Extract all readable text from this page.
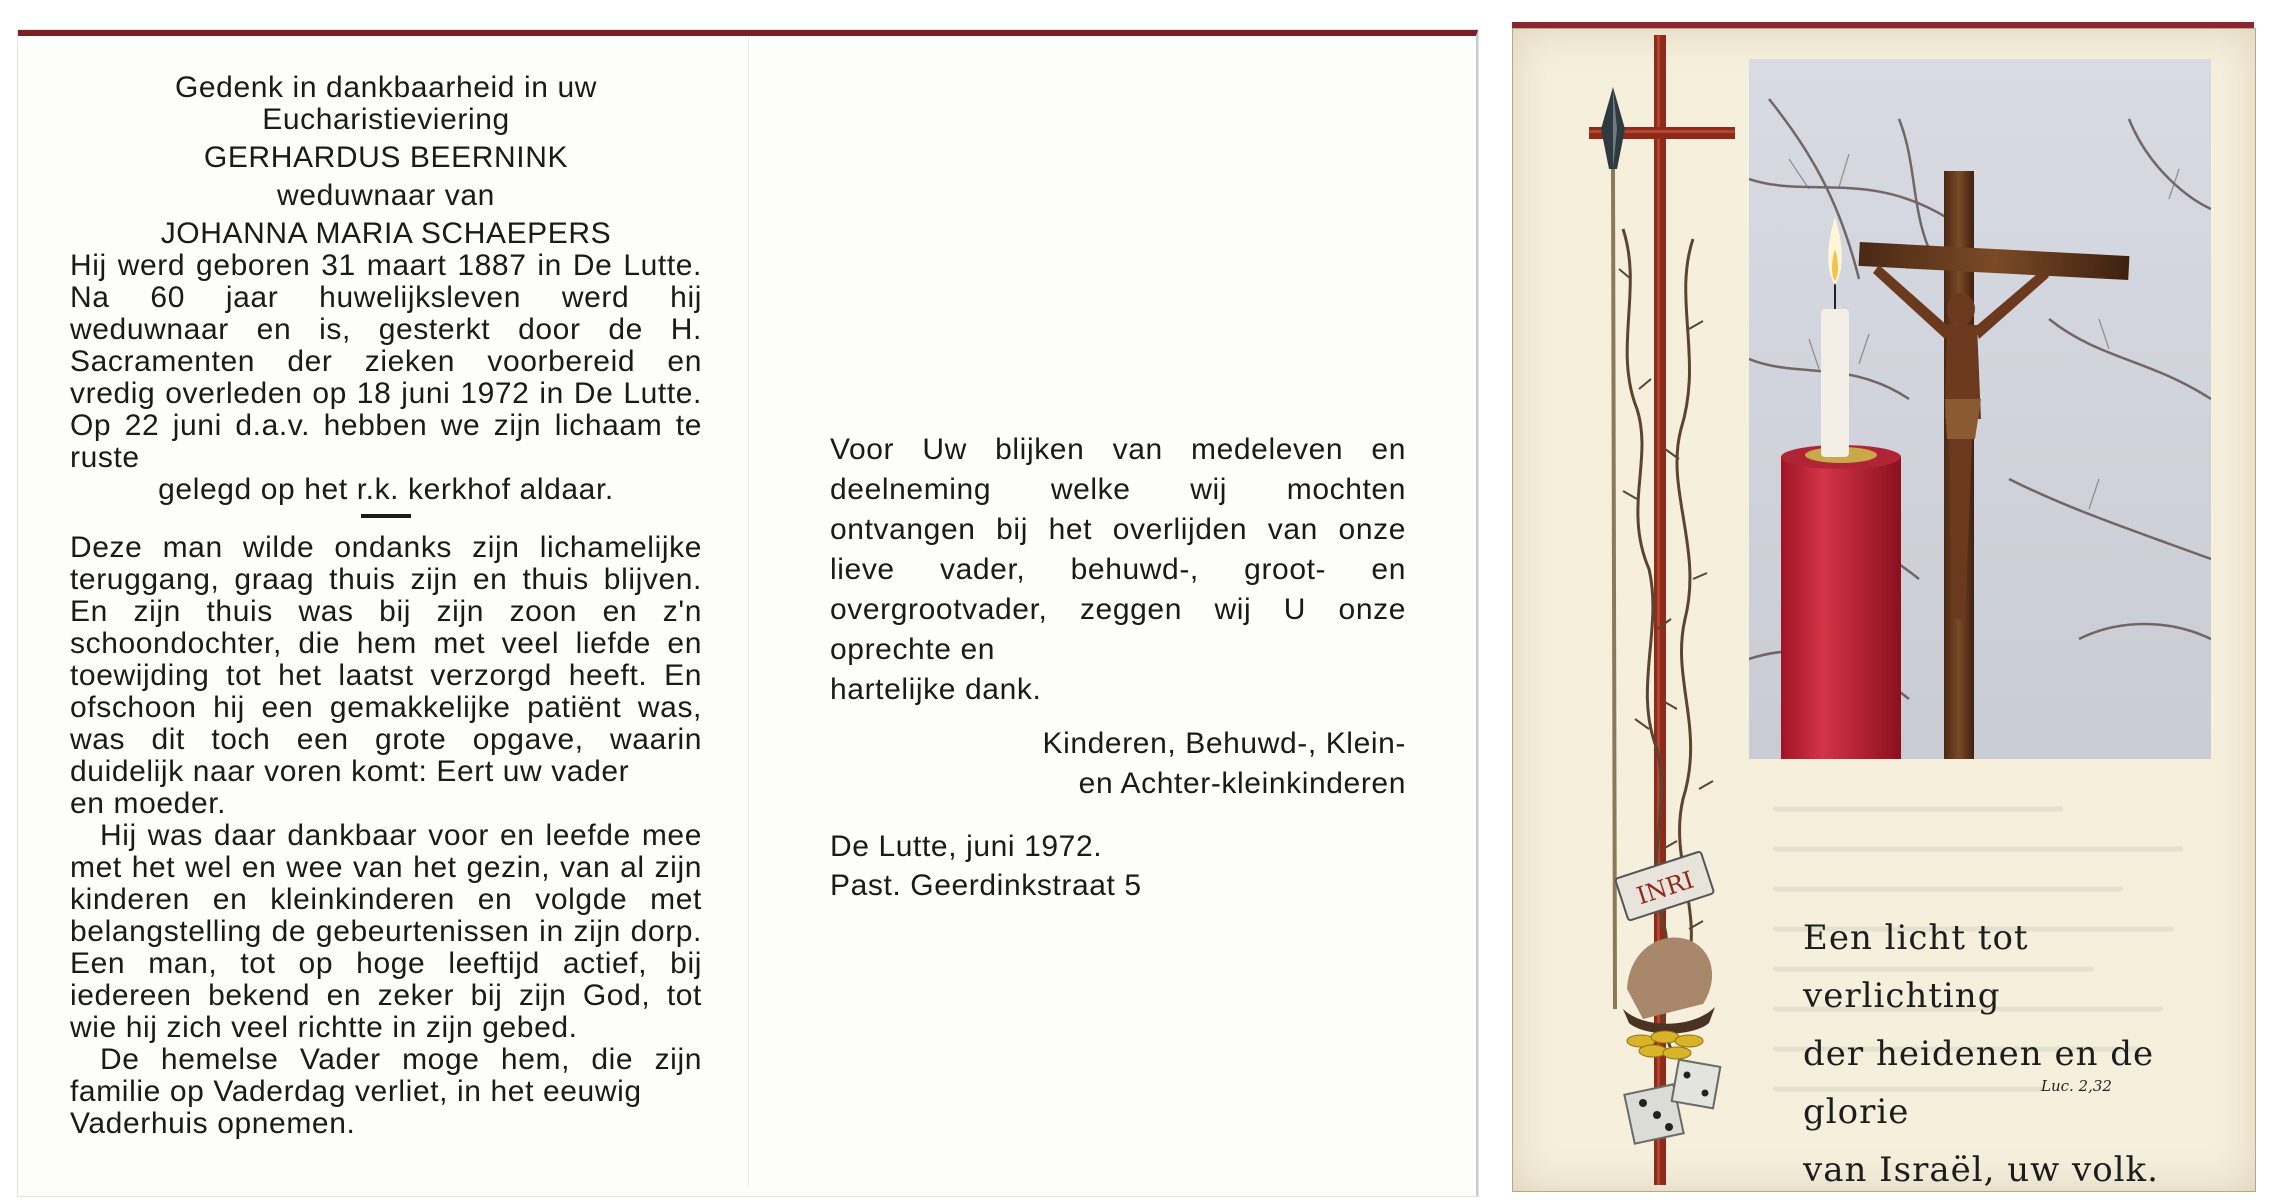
Gedenk in dankbaarheid in uw
Eucharistieviering
GERHARDUS BEERNINK
weduwnaar van
JOHANNA MARIA SCHAEPERS
Hij werd geboren 31 maart 1887 in De Lutte. Na 60 jaar huwelijksleven werd hij weduwnaar en is, gesterkt door de H. Sacramenten der zieken voorbereid en vredig overleden op 18 juni 1972 in De Lutte. Op 22 juni d.a.v. hebben we zijn lichaam te ruste
gelegd op het r.k. kerkhof aldaar.
Deze man wilde ondanks zijn lichamelijke teruggang, graag thuis zijn en thuis blijven. En zijn thuis was bij zijn zoon en z'n schoondochter, die hem met veel liefde en toewijding tot het laatst verzorgd heeft. En ofschoon hij een gemakkelijke patiënt was, was dit toch een grote opgave, waarin duidelijk naar voren komt: Eert uw vader
en moeder.
Hij was daar dankbaar voor en leefde mee met het wel en wee van het gezin, van al zijn kinderen en kleinkinderen en volgde met belangstelling de gebeurtenissen in zijn dorp. Een man, tot op hoge leeftijd actief, bij iedereen bekend en zeker bij zijn God, tot wie hij zich veel richtte in zijn gebed.
De hemelse Vader moge hem, die zijn familie op Vaderdag verliet, in het eeuwig
Vaderhuis opnemen.
Voor Uw blijken van medeleven en deelneming welke wij mochten ontvangen bij het overlijden van onze lieve vader, behuwd-, groot- en overgrootvader, zeggen wij U onze oprechte en
hartelijke dank.
Kinderen, Behuwd-, Klein-
en Achter-kleinkinderen
De Lutte, juni 1972.
Past. Geerdinkstraat 5	INRI
Een licht tot verlichting
der heidenen en de glorie
van Israël, uw volk.
Luc. 2,32
